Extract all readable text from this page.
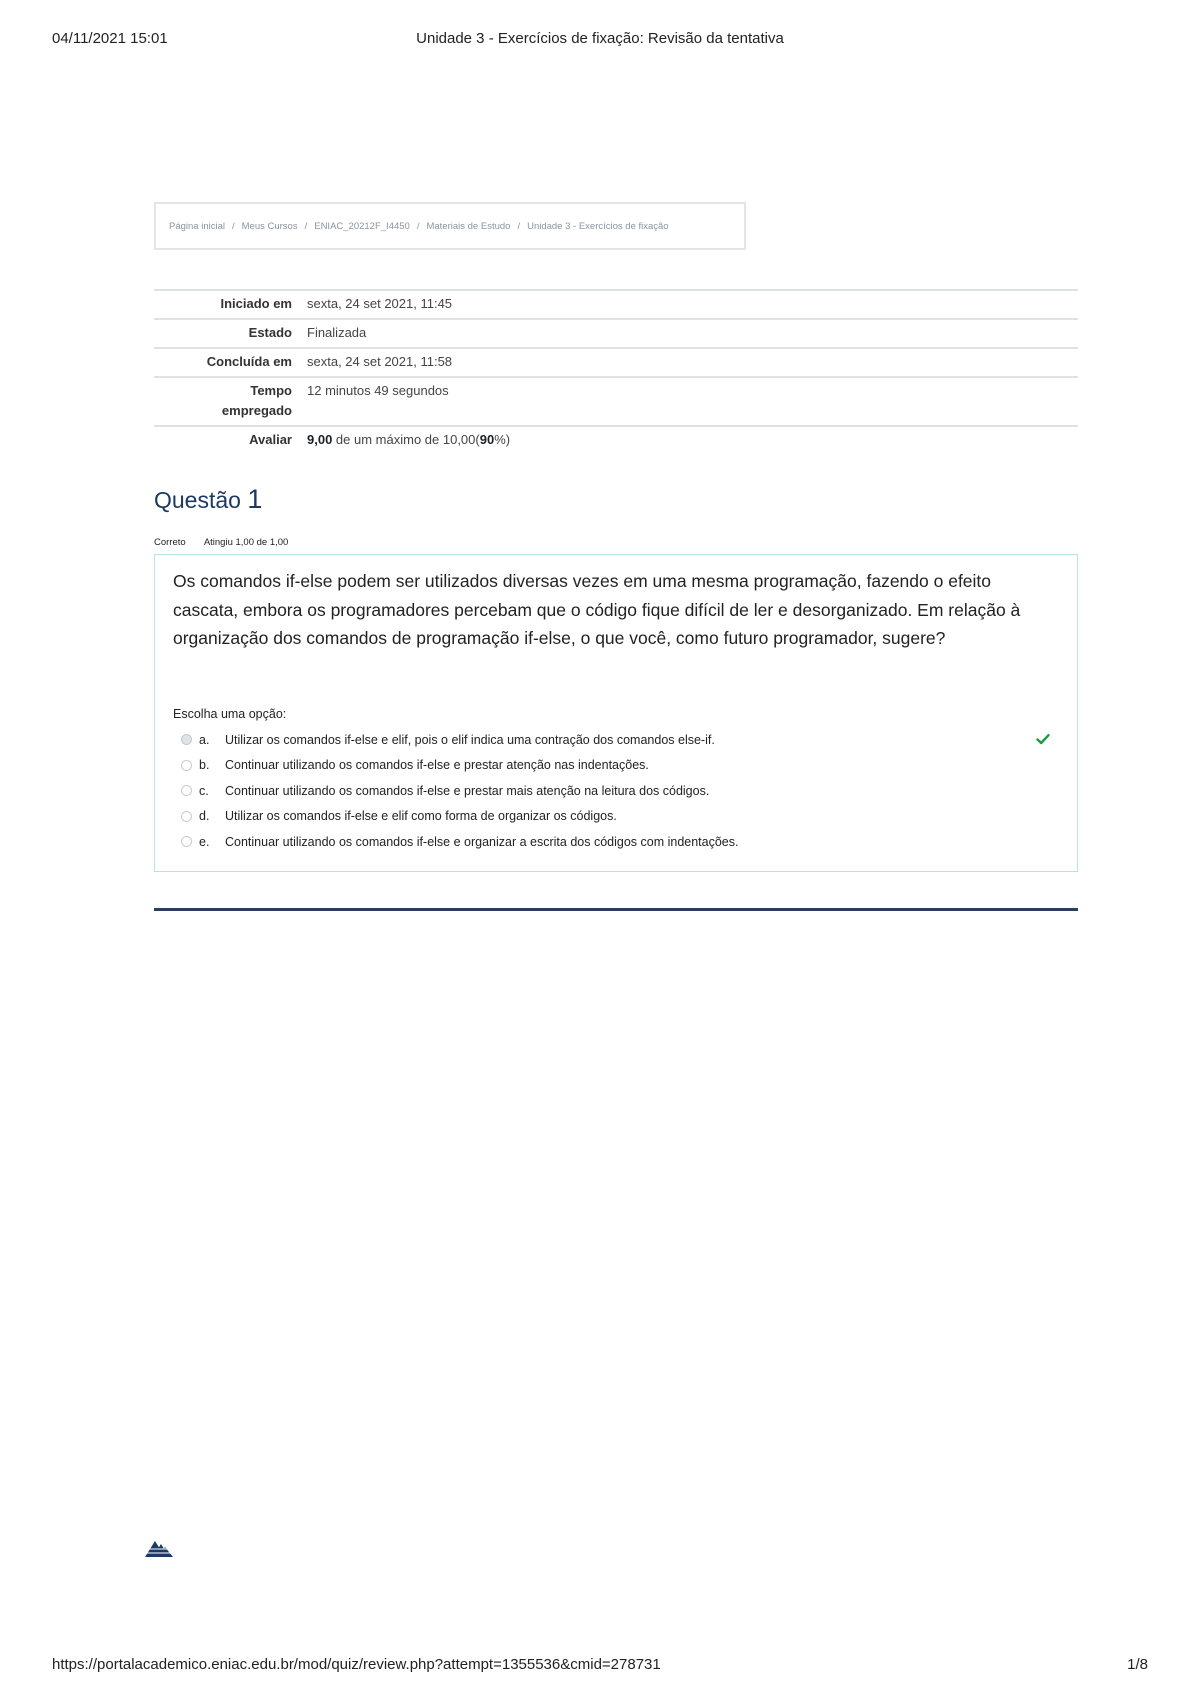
04/11/2021 15:01	Unidade 3 - Exercícios de fixação: Revisão da tentativa
Página inicial / Meus Cursos / ENIAC_20212F_I4450 / Materiais de Estudo / Unidade 3 - Exercícios de fixação
Iniciado em	sexta, 24 set 2021, 11:45
Estado	Finalizada
Concluída em	sexta, 24 set 2021, 11:58
Tempo
empregado	12 minutos 49 segundos
Avaliar	9,00 de um máximo de 10,00(90%)
Questão 1
Correto Atingiu 1,00 de 1,00
Os comandos if-else podem ser utilizados diversas vezes em uma mesma programação, fazendo o efeito cascata, embora os programadores percebam que o código fique difícil de ler e desorganizado. Em relação à organização dos comandos de programação if-else, o que você, como futuro programador, sugere?
Escolha uma opção:
a.	Utilizar os comandos if-else e elif, pois o elif indica uma contração dos comandos else-if.
b.	Continuar utilizando os comandos if-else e prestar atenção nas indentações.
c.	Continuar utilizando os comandos if-else e prestar mais atenção na leitura dos códigos.
d.	Utilizar os comandos if-else e elif como forma de organizar os códigos.
e.	Continuar utilizando os comandos if-else e organizar a escrita dos códigos com indentações.
https://portalacademico.eniac.edu.br/mod/quiz/review.php?attempt=1355536&cmid=278731	1/8
